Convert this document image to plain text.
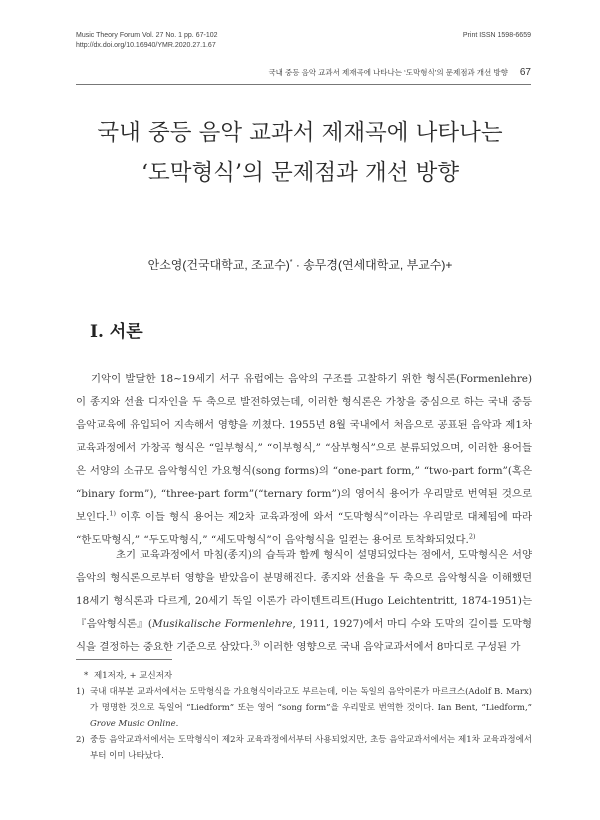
Music Theory Forum Vol. 27 No. 1 pp. 67-102
http://dx.doi.org/10.16940/YMR.2020.27.1.67
Print ISSN 1598-6659
국내 중등 음악 교과서 제재곡에 나타나는 ‘도막형식’의 문제점과 개선 방향 67
국내 중등 음악 교과서 제재곡에 나타나는
‘도막형식’의 문제점과 개선 방향
안소영(건국대학교, 조교수)* · 송무경(연세대학교, 부교수)+
I. 서론
기악이 발달한 18∼19세기 서구 유럽에는 음악의 구조를 고찰하기 위한 형식론(Formenlehre)이 종지와 선율 디자인을 두 축으로 발전하였는데, 이러한 형식론은 가창을 중심으로 하는 국내 중등 음악교육에 유입되어 지속해서 영향을 끼쳤다. 1955년 8월 국내에서 처음으로 공표된 음악과 제1차 교육과정에서 가창곡 형식은 “일부형식,” “이부형식,” “삼부형식”으로 분류되었으며, 이러한 용어들은 서양의 소규모 음악형식인 가요형식(song forms)의 “one-part form,” “two-part form”(혹은 “binary form”), “three-part form”(“ternary form”)의 영어식 용어가 우리말로 번역된 것으로 보인다.$^{1)}$ 이후 이들 형식 용어는 제2차 교육과정에 와서 “도막형식”이라는 우리말로 대체됨에 따라 “한도막형식,” “두도막형식,” “세도막형식”이 음악형식을 일컫는 용어로 토착화되었다.$^{2)}$
초기 교육과정에서 마침(종지)의 습득과 함께 형식이 설명되었다는 점에서, 도막형식은 서양음악의 형식론으로부터 영향을 받았음이 분명해진다. 종지와 선율을 두 축으로 음악형식을 이해했던 18세기 형식론과 다르게, 20세기 독일 이론가 라이텐트리트(Hugo Leichtentritt, 1874-1951)는 『음악형식론』(Musikalische Formenlehre, 1911, 1927)에서 마디 수와 도막의 길이를 도막형식을 결정하는 중요한 기준으로 삼았다.$^{3)}$ 이러한 영향으로 국내 음악교과서에서 8마디로 구성된 가
* 제1저자, + 교신저자
1) 국내 대부분 교과서에서는 도막형식을 가요형식이라고도 부르는데, 이는 독일의 음악이론가 마르크스(Adolf B. Marx)가 명명한 것으로 독일어 “Liedform” 또는 영어 “song form”을 우리말로 번역한 것이다. Ian Bent, “Liedform,” Grove Music Online.
2) 중등 음악교과서에서는 도막형식이 제2차 교육과정에서부터 사용되었지만, 초등 음악교과서에서는 제1차 교육과정에서부터 이미 나타났다.
